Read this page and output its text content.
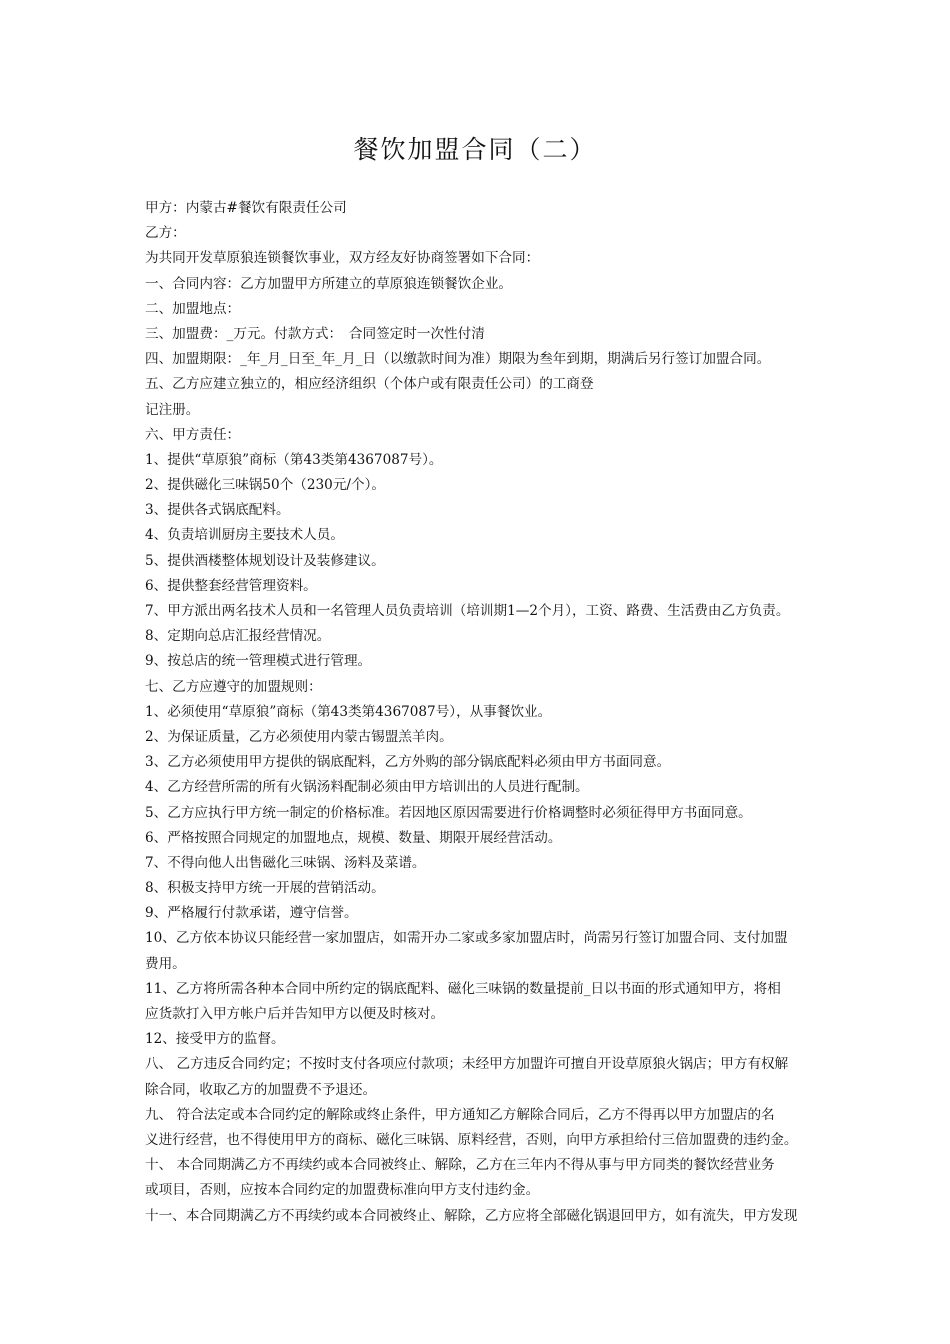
餐饮加盟合同（二）
甲方：内蒙古#餐饮有限责任公司
乙方：
为共同开发草原狼连锁餐饮事业，双方经友好协商签署如下合同：
一、合同内容：乙方加盟甲方所建立的草原狼连锁餐饮企业。
二、加盟地点：
三、加盟费：_万元。付款方式：　合同签定时一次性付清
四、加盟期限：_年_月_日至_年_月_日（以缴款时间为准）期限为叁年到期，期满后另行签订加盟合同。
五、乙方应建立独立的，相应经济组织（个体户或有限责任公司）的工商登
记注册。
六、甲方责任：
1、提供“草原狼”商标（第43类第4367087号）。
2、提供磁化三味锅50个（230元/个）。
3、提供各式锅底配料。
4、负责培训厨房主要技术人员。
5、提供酒楼整体规划设计及装修建议。
6、提供整套经营管理资料。
7、甲方派出两名技术人员和一名管理人员负责培训（培训期1—2个月），工资、路费、生活费由乙方负责。
8、定期向总店汇报经营情况。
9、按总店的统一管理模式进行管理。
七、乙方应遵守的加盟规则：
1、必须使用“草原狼”商标（第43类第4367087号），从事餐饮业。
2、为保证质量，乙方必须使用内蒙古锡盟羔羊肉。
3、乙方必须使用甲方提供的锅底配料，乙方外购的部分锅底配料必须由甲方书面同意。
4、乙方经营所需的所有火锅汤料配制必须由甲方培训出的人员进行配制。
5、乙方应执行甲方统一制定的价格标准。若因地区原因需要进行价格调整时必须征得甲方书面同意。
6、严格按照合同规定的加盟地点，规模、数量、期限开展经营活动。
7、不得向他人出售磁化三味锅、汤料及菜谱。
8、积极支持甲方统一开展的营销活动。
9、严格履行付款承诺，遵守信誉。
10、乙方依本协议只能经营一家加盟店，如需开办二家或多家加盟店时，尚需另行签订加盟合同、支付加盟
费用。
11、乙方将所需各种本合同中所约定的锅底配料、磁化三味锅的数量提前_日以书面的形式通知甲方，将相
应货款打入甲方帐户后并告知甲方以便及时核对。
12、接受甲方的监督。
八、 乙方违反合同约定；不按时支付各项应付款项；未经甲方加盟许可擅自开设草原狼火锅店；甲方有权解
除合同，收取乙方的加盟费不予退还。
九、 符合法定或本合同约定的解除或终止条件，甲方通知乙方解除合同后，乙方不得再以甲方加盟店的名
义进行经营，也不得使用甲方的商标、磁化三味锅、原料经营，否则，向甲方承担给付三倍加盟费的违约金。
十、 本合同期满乙方不再续约或本合同被终止、解除，乙方在三年内不得从事与甲方同类的餐饮经营业务
或项目，否则，应按本合同约定的加盟费标准向甲方支付违约金。
十一、本合同期满乙方不再续约或本合同被终止、解除，乙方应将全部磁化锅退回甲方，如有流失，甲方发现
